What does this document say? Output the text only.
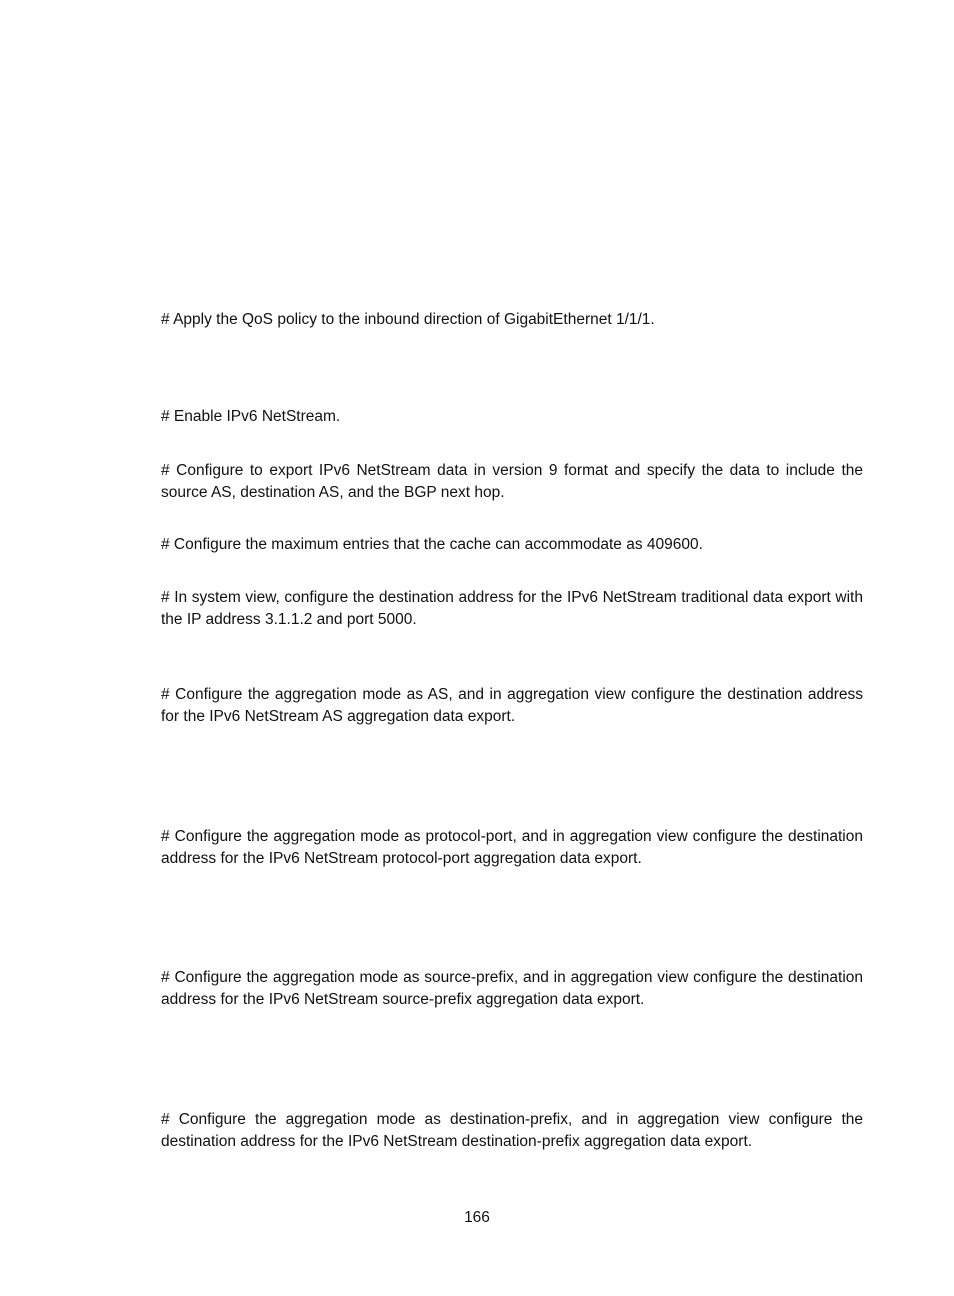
# Apply the QoS policy to the inbound direction of GigabitEthernet 1/1/1.

# Enable IPv6 NetStream.

# Configure to export IPv6 NetStream data in version 9 format and specify the data to include the source AS, destination AS, and the BGP next hop.

# Configure the maximum entries that the cache can accommodate as 409600.

# In system view, configure the destination address for the IPv6 NetStream traditional data export with the IP address 3.1.1.2 and port 5000.

# Configure the aggregation mode as AS, and in aggregation view configure the destination address for the IPv6 NetStream AS aggregation data export.

# Configure the aggregation mode as protocol-port, and in aggregation view configure the destination address for the IPv6 NetStream protocol-port aggregation data export.

# Configure the aggregation mode as source-prefix, and in aggregation view configure the destination address for the IPv6 NetStream source-prefix aggregation data export.

# Configure the aggregation mode as destination-prefix, and in aggregation view configure the destination address for the IPv6 NetStream destination-prefix aggregation data export.

166
